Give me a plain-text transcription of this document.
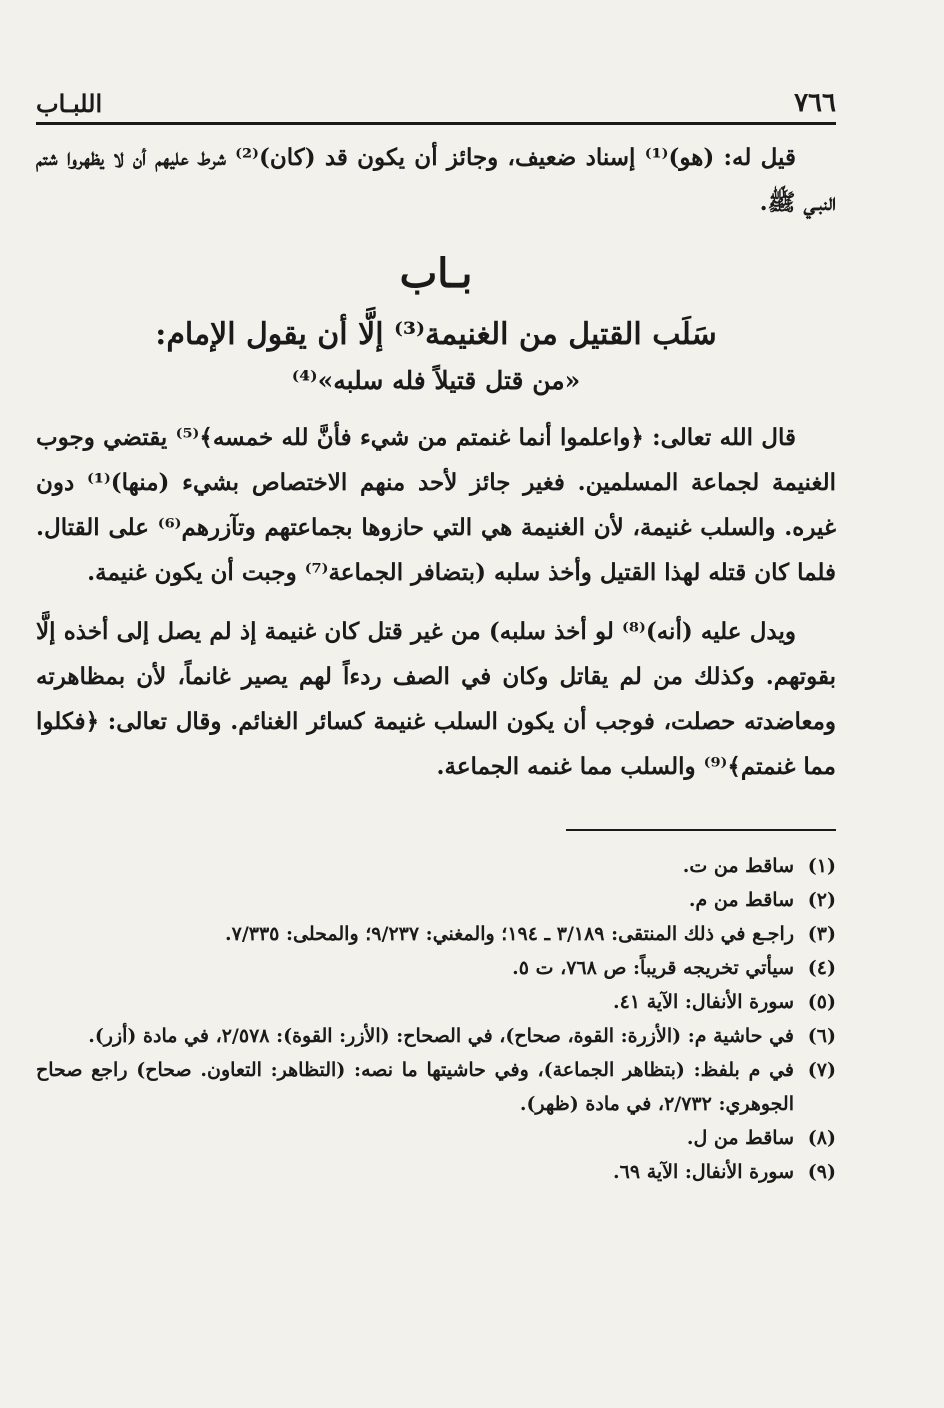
٧٦٦
اللبـاب

قيل له: (هو)⁽¹⁾ إسناد ضعيف، وجائز أن يكون قد (كان)⁽²⁾ شرط عليهم أن لا يظهروا شتم النبـي ﷺ.

بـاب
سَلَب القتيل من الغنيمة⁽³⁾ إلَّا أن يقول الإمام:
«من قتل قتيلاً فله سلبه»⁽⁴⁾

قال الله تعالى: ﴿واعلموا أنما غنمتم من شيء فأنَّ لله خمسه﴾⁽⁵⁾ يقتضي وجوب الغنيمة لجماعة المسلمين. فغير جائز لأحد منهم الاختصاص بشيء (منها)⁽¹⁾ دون غيره. والسلب غنيمة، لأن الغنيمة هي التي حازوها بجماعتهم وتآزرهم⁽⁶⁾ على القتال. فلما كان قتله لهذا القتيل وأخذ سلبه (بتضافر الجماعة⁽⁷⁾ وجبت أن يكون غنيمة.

ويدل عليه (أنه)⁽⁸⁾ لو أخذ سلبه) من غير قتل كان غنيمة إذ لم يصل إلى أخذه إلَّا بقوتهم. وكذلك من لم يقاتل وكان في الصف ردءاً لهم يصير غانماً، لأن بمظاهرته ومعاضدته حصلت، فوجب أن يكون السلب غنيمة كسائر الغنائم. وقال تعالى: ﴿فكلوا مما غنمتم﴾⁽⁹⁾ والسلب مما غنمه الجماعة.

(١)
ساقط من ت.
(٢)
ساقط من م.
(٣)
راجـع في ذلك المنتقى: ٣/١٨٩ ـ ١٩٤؛ والمغني: ٩/٢٣٧؛ والمحلى: ٧/٣٣٥.
(٤)
سيأتي تخريجه قريباً: ص ٧٦٨، ت ٥.
(٥)
سورة الأنفال: الآية ٤١.
(٦)
في حاشية م: (الأزرة: القوة، صحاح)، في الصحاح: (الأزر: القوة): ٢/٥٧٨، في مادة (أزر).
(٧)
في م بلفظ: (بتظاهر الجماعة)، وفي حاشيتها ما نصه: (التظاهر: التعاون. صحاح) راجع صحاح الجوهري: ٢/٧٣٢، في مادة (ظهر).
(٨)
ساقط من ل.
(٩)
سورة الأنفال: الآية ٦٩.
